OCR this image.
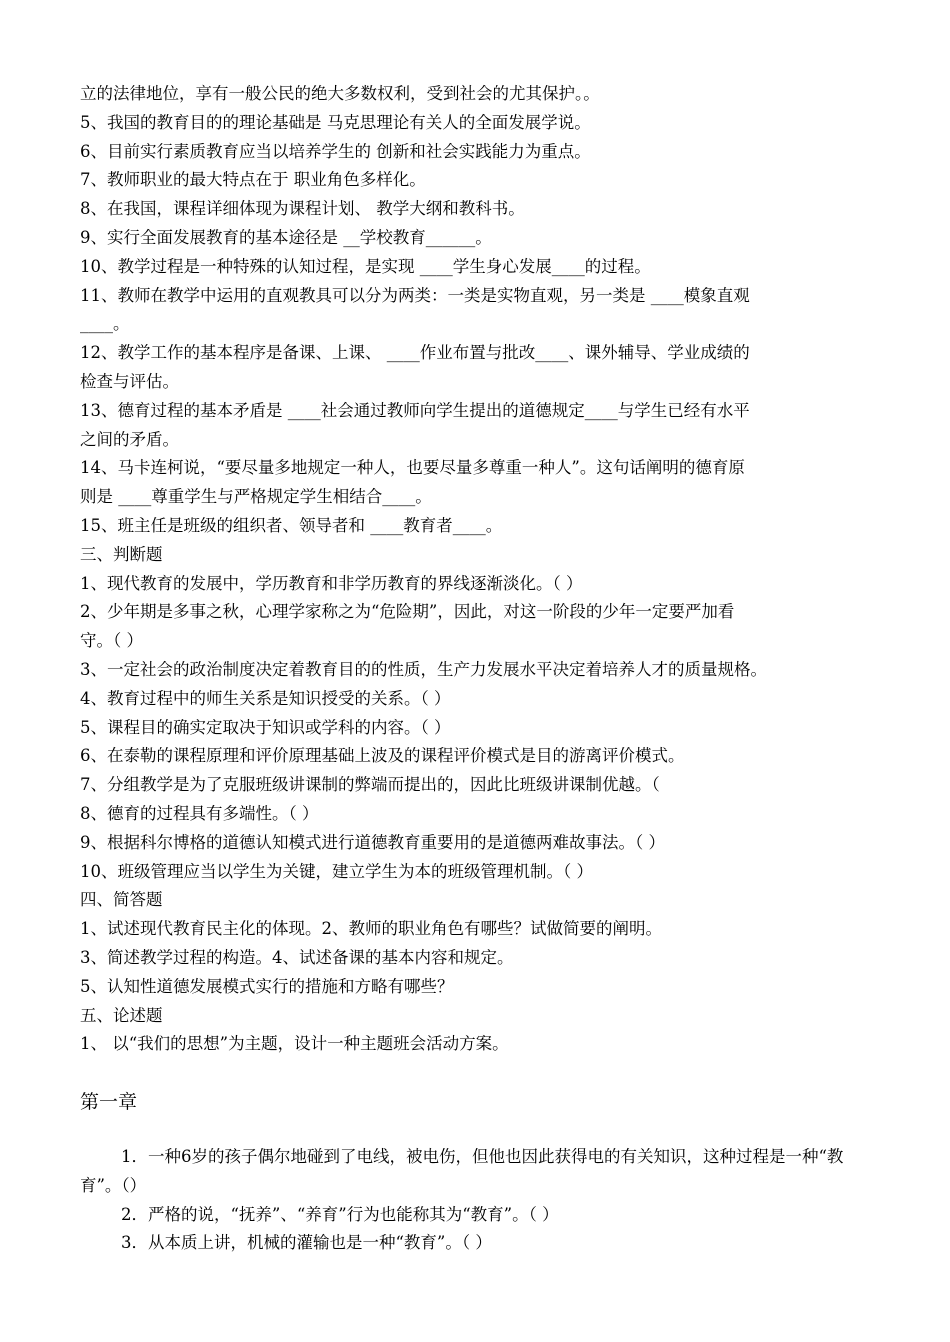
立的法律地位，享有一般公民的绝大多数权利，受到社会的尤其保护。。
5、我国的教育目的的理论基础是 马克思理论有关人的全面发展学说。
6、目前实行素质教育应当以培养学生的 创新和社会实践能力为重点。
7、教师职业的最大特点在于 职业角色多样化。
8、在我国，课程详细体现为课程计划、 教学大纲和教科书。
9、实行全面发展教育的基本途径是 __学校教育______。
10、教学过程是一种特殊的认知过程，是实现 ____学生身心发展____的过程。
11、教师在教学中运用的直观教具可以分为两类：一类是实物直观，另一类是 ____模象直观
____。
12、教学工作的基本程序是备课、上课、 ____作业布置与批改____、课外辅导、学业成绩的
检查与评估。
13、德育过程的基本矛盾是 ____社会通过教师向学生提出的道德规定____与学生已经有水平
之间的矛盾。
14、马卡连柯说，“要尽量多地规定一种人，也要尽量多尊重一种人”。这句话阐明的德育原
则是 ____尊重学生与严格规定学生相结合____。
15、班主任是班级的组织者、领导者和 ____教育者____。
三、判断题
1、现代教育的发展中，学历教育和非学历教育的界线逐渐淡化。（ ）
2、少年期是多事之秋，心理学家称之为“危险期”，因此，对这一阶段的少年一定要严加看
守。（ ）
3、一定社会的政治制度决定着教育目的的性质，生产力发展水平决定着培养人才的质量规格。
4、教育过程中的师生关系是知识授受的关系。（ ）
5、课程目的确实定取决于知识或学科的内容。（ ）
6、在泰勒的课程原理和评价原理基础上波及的课程评价模式是目的游离评价模式。
7、分组教学是为了克服班级讲课制的弊端而提出的，因此比班级讲课制优越。（
8、德育的过程具有多端性。（ ）
9、根据科尔博格的道德认知模式进行道德教育重要用的是道德两难故事法。（ ）
10、班级管理应当以学生为关键，建立学生为本的班级管理机制。（ ）
四、简答题
1、试述现代教育民主化的体现。2、教师的职业角色有哪些？试做简要的阐明。
3、简述教学过程的构造。4、试述备课的基本内容和规定。
5、认知性道德发展模式实行的措施和方略有哪些？
五、论述题
1、 以“我们的思想”为主题，设计一种主题班会活动方案。
第一章
1．一种6岁的孩子偶尔地碰到了电线，被电伤，但他也因此获得电的有关知识，这种过程是一种“教育”。（）
2．严格的说，“抚养”、“养育”行为也能称其为“教育”。（ ）
3．从本质上讲，机械的灌输也是一种“教育”。（ ）
